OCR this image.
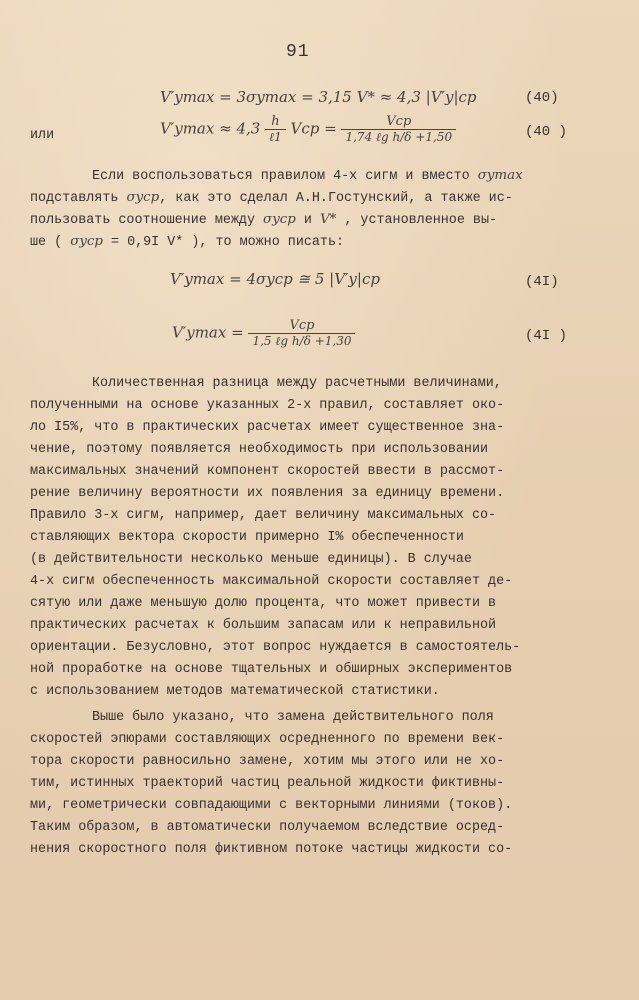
91
V′ymax = 3σymax = 3,15 V* ≈ 4,3 |V′y|ср	(40)
или	$V'ymax \approx 4,3 \frac{h}{\text{ℓ1}}$ Vср = $\frac{\text{Vср}}{\text{1,74 ℓg h/δ +1,50}}$	(40 )
Если воспользоваться правилом 4-х сигм и вместо σymax
подставлять σyср, как это сделал А.Н.Гостунский, а также ис-
пользовать соотношение между σyср и V* , установленное вы-
ше ( σyср = 0,9I V* ), то можно писать:
V′ymax = 4σyср ≅ 5 |V′y|ср	(4I)
$V'ymax = \frac{\text{Vср}}{\text{1,5 ℓg h/δ +1,30}}$	(4I )
Количественная разница между расчетными величинами,
полученными на основе указанных 2-х правил, составляет око-
ло I5%, что в практических расчетах имеет существенное зна-
чение, поэтому появляется необходимость при использовании
максимальных значений компонент скоростей ввести в рассмот-
рение величину вероятности их появления за единицу времени.
Правило 3-х сигм, например, дает величину максимальных со-
ставляющих вектора скорости примерно I% обеспеченности
(в действительности несколько меньше единицы). В случае
4-х сигм обеспеченность максимальной скорости составляет де-
сятую или даже меньшую долю процента, что может привести в
практических расчетах к большим запасам или к неправильной
ориентации. Безусловно, этот вопрос нуждается в самостоятель-
ной проработке на основе тщательных и обширных экспериментов
с использованием методов математической статистики.
Выше было указано, что замена действительного поля
скоростей эпюрами составляющих осредненного по времени век-
тора скорости равносильно замене, хотим мы этого или не хо-
тим, истинных траекторий частиц реальной жидкости фиктивны-
ми, геометрически совпадающими с векторными линиями (токов).
Таким образом, в автоматически получаемом вследствие осред-
нения скоростного поля фиктивном потоке частицы жидкости со-
